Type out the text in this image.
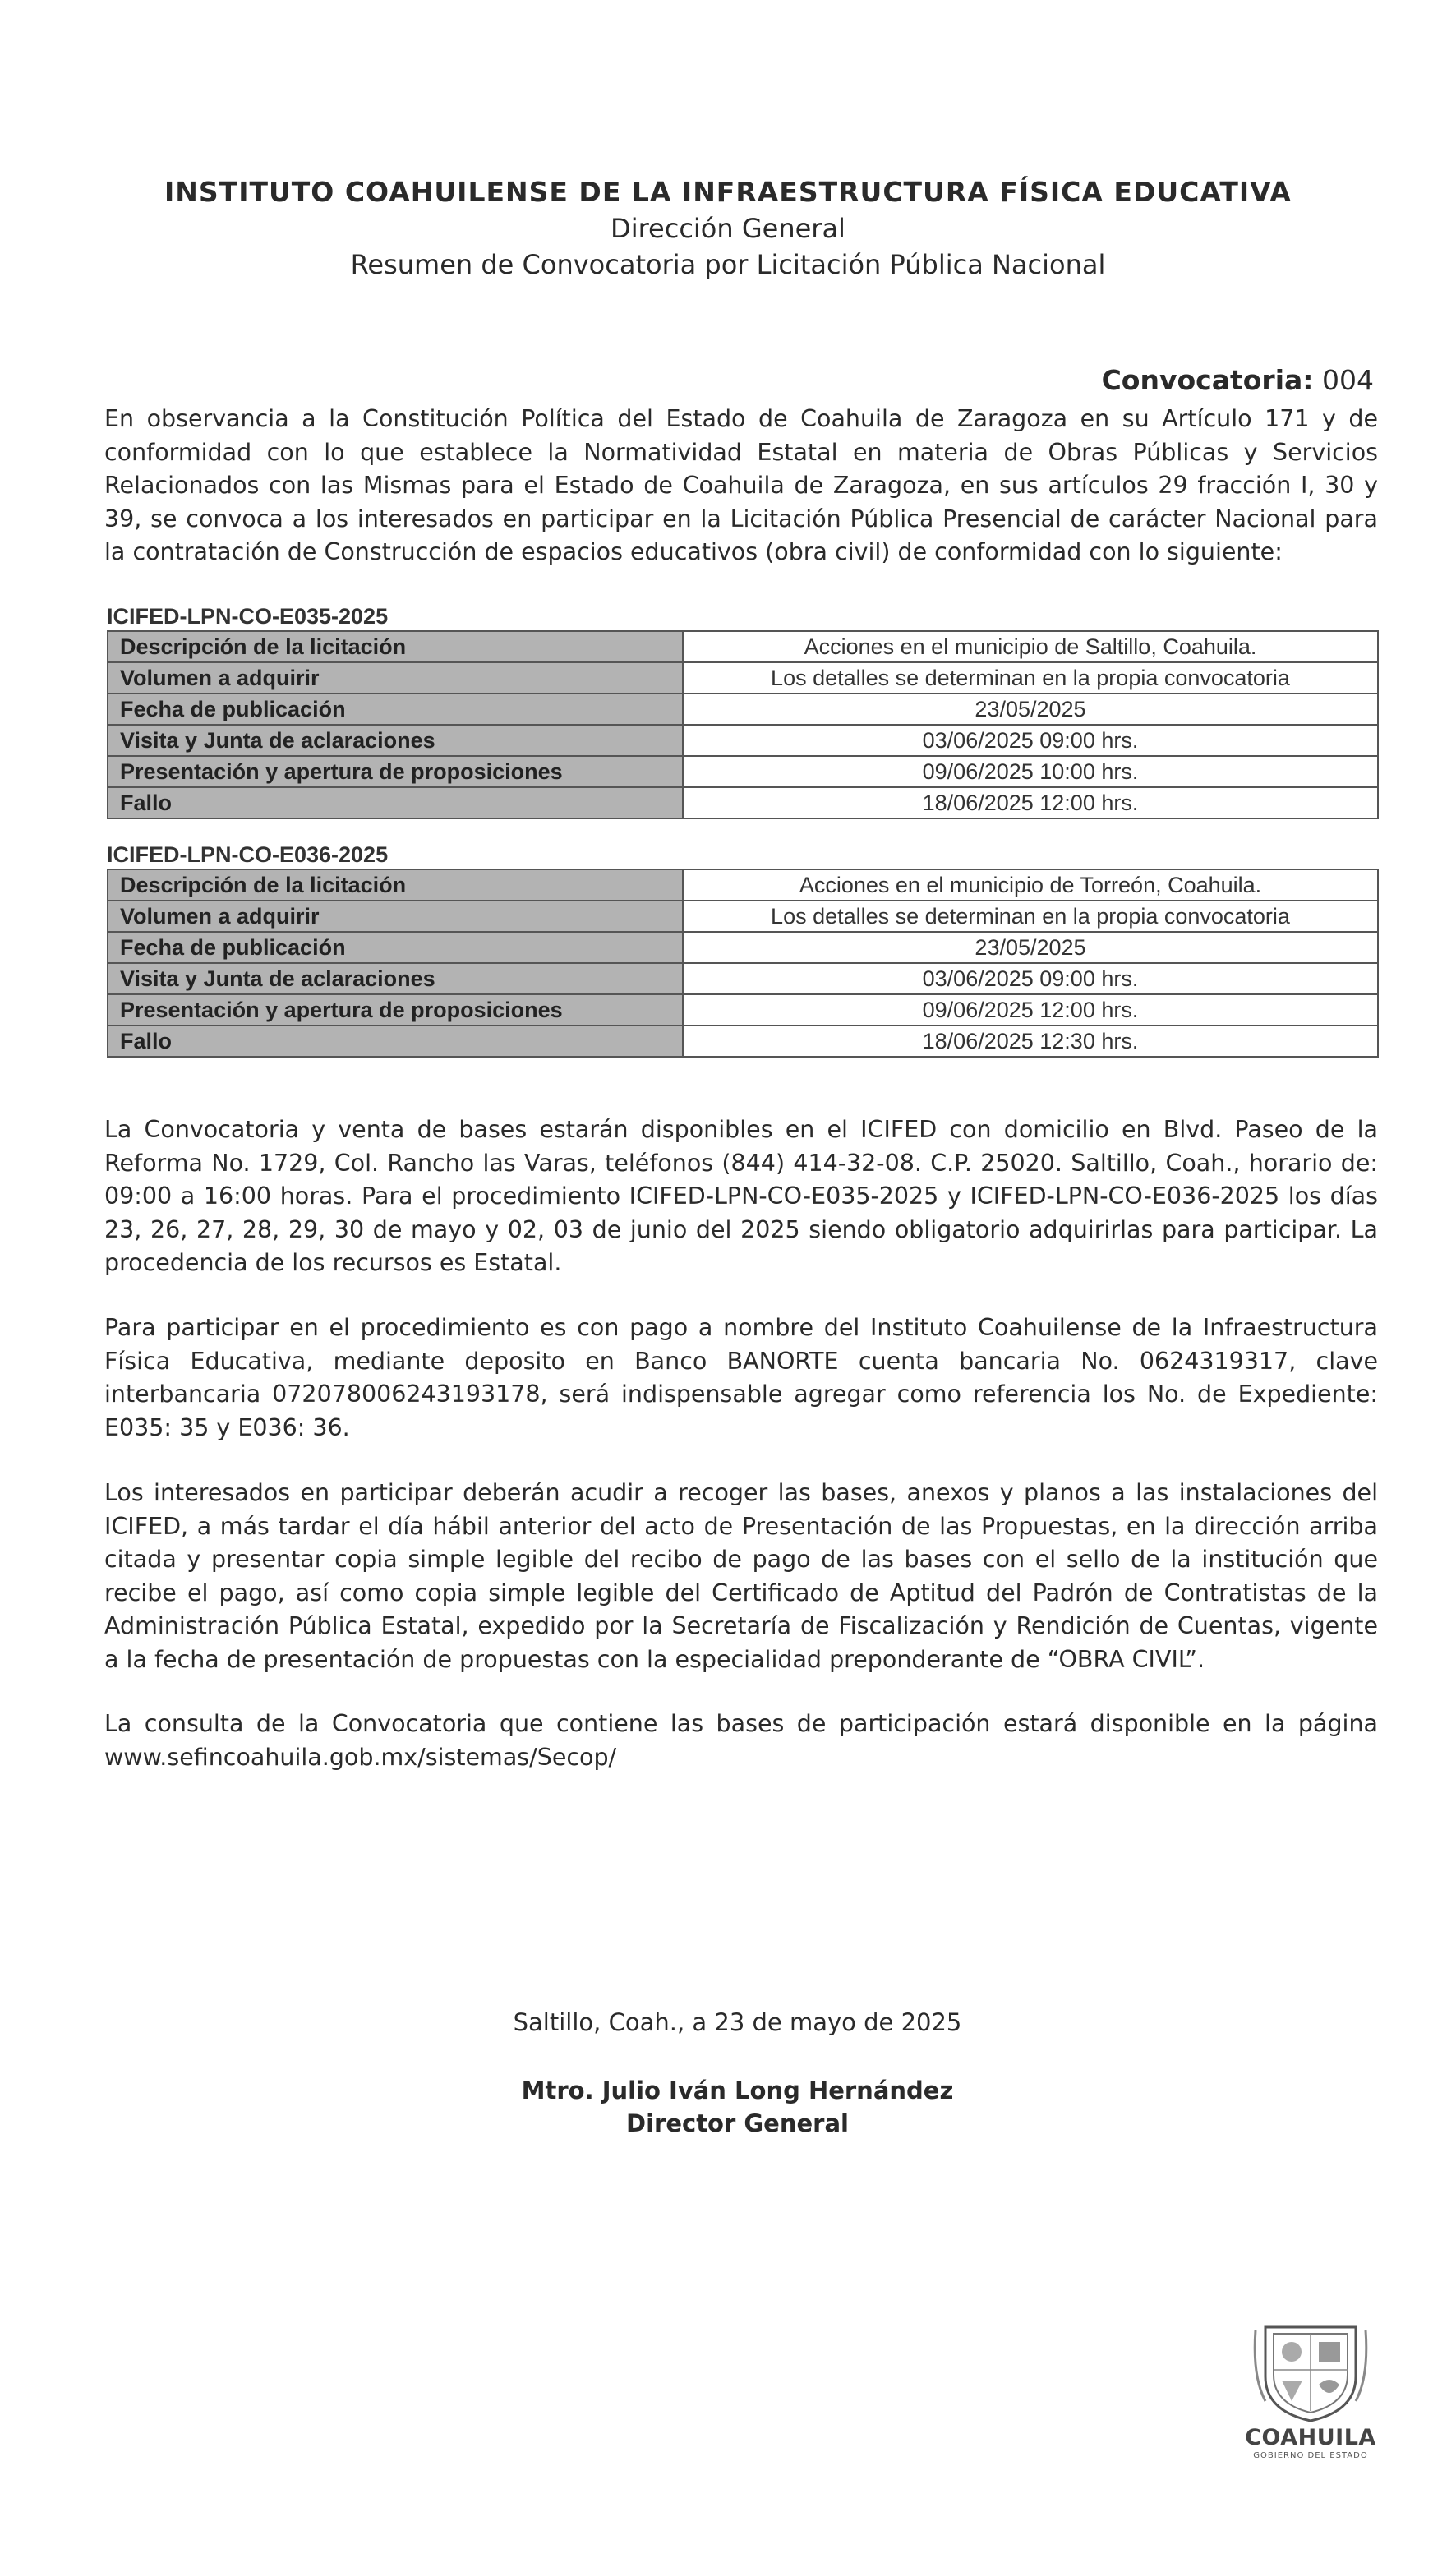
INSTITUTO COAHUILENSE DE LA INFRAESTRUCTURA FÍSICA EDUCATIVA

Dirección General

Resumen de Convocatoria por Licitación Pública Nacional

Convocatoria: 004

En observancia a la Constitución Política del Estado de Coahuila de Zaragoza en su Artículo 171 y de conformidad con lo que establece la Normatividad Estatal en materia de Obras Públicas y Servicios Relacionados con las Mismas para el Estado de Coahuila de Zaragoza, en sus artículos 29 fracción I, 30 y 39, se convoca a los interesados en participar en la Licitación Pública Presencial de carácter Nacional para la contratación de Construcción de espacios educativos (obra civil) de conformidad con lo siguiente:

ICIFED-LPN-CO-E035-2025
Descripción de la licitación	Acciones en el municipio de Saltillo, Coahuila.
Volumen a adquirir	Los detalles se determinan en la propia convocatoria
Fecha de publicación	23/05/2025
Visita y Junta de aclaraciones	03/06/2025 09:00 hrs.
Presentación y apertura de proposiciones	09/06/2025 10:00 hrs.
Fallo	18/06/2025 12:00 hrs.
ICIFED-LPN-CO-E036-2025
Descripción de la licitación	Acciones en el municipio de Torreón, Coahuila.
Volumen a adquirir	Los detalles se determinan en la propia convocatoria
Fecha de publicación	23/05/2025
Visita y Junta de aclaraciones	03/06/2025 09:00 hrs.
Presentación y apertura de proposiciones	09/06/2025 12:00 hrs.
Fallo	18/06/2025 12:30 hrs.

La Convocatoria y venta de bases estarán disponibles en el ICIFED con domicilio en Blvd. Paseo de la Reforma No. 1729, Col. Rancho las Varas, teléfonos (844) 414-32-08. C.P. 25020. Saltillo, Coah., horario de: 09:00 a 16:00 horas. Para el procedimiento ICIFED-LPN-CO-E035-2025 y ICIFED-LPN-CO-E036-2025 los días 23, 26, 27, 28, 29, 30 de mayo y 02, 03 de junio del 2025 siendo obligatorio adquirirlas para participar. La procedencia de los recursos es Estatal.

Para participar en el procedimiento es con pago a nombre del Instituto Coahuilense de la Infraestructura Física Educativa, mediante deposito en Banco BANORTE cuenta bancaria No. 0624319317, clave interbancaria 072078006243193178, será indispensable agregar como referencia los No. de Expediente: E035: 35 y E036: 36.

Los interesados en participar deberán acudir a recoger las bases, anexos y planos a las instalaciones del ICIFED, a más tardar el día hábil anterior del acto de Presentación de las Propuestas, en la dirección arriba citada y presentar copia simple legible del recibo de pago de las bases con el sello de la institución que recibe el pago, así como copia simple legible del Certificado de Aptitud del Padrón de Contratistas de la Administración Pública Estatal, expedido por la Secretaría de Fiscalización y Rendición de Cuentas, vigente a la fecha de presentación de propuestas con la especialidad preponderante de “OBRA CIVIL”.

La consulta de la Convocatoria que contiene las bases de participación estará disponible en la página www.sefincoahuila.gob.mx/sistemas/Secop/

Saltillo, Coah., a 23 de mayo de 2025
Mtro. Julio Iván Long Hernández
Director General
COAHUILA
GOBIERNO DEL ESTADO
